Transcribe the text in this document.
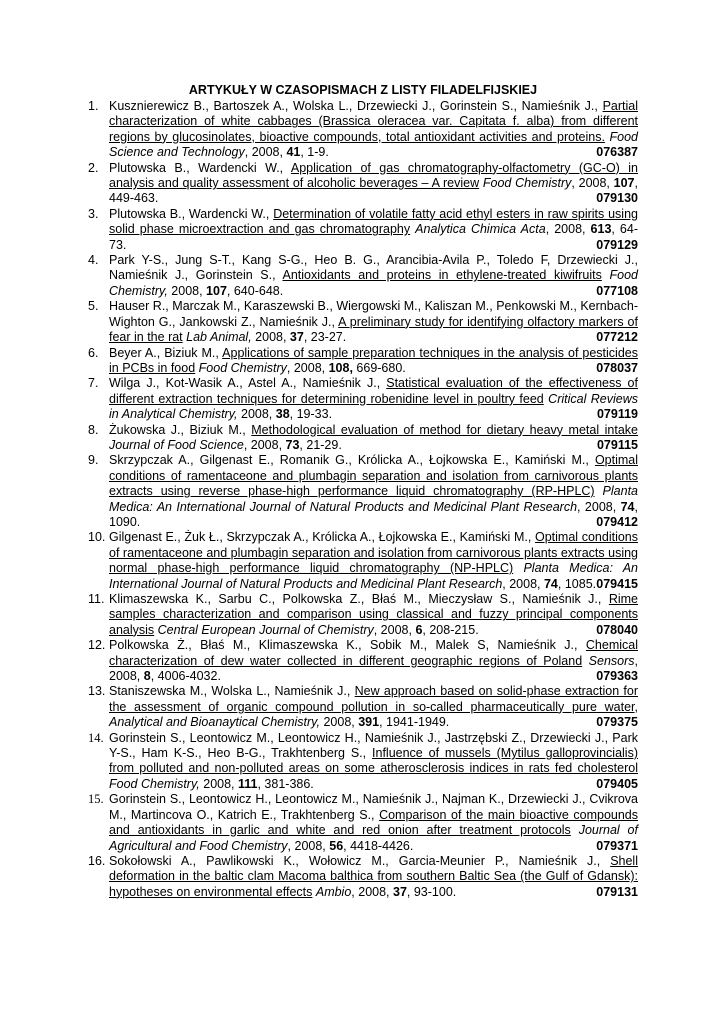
ARTYKUŁY W CZASOPISMACH Z LISTY FILADELFIJSKIEJ
1. Kusznierewicz B., Bartoszek A., Wolska L., Drzewiecki J., Gorinstein S., Namieśnik J., Partial characterization of white cabbages (Brassica oleracea var. Capitata f. alba) from different regions by glucosinolates, bioactive compounds, total antioxidant activities and proteins. Food Science and Technology, 2008, 41, 1-9.	076387
2. Plutowska B., Wardencki W., Application of gas chromatography-olfactometry (GC-O) in analysis and quality assessment of alcoholic beverages – A review Food Chemistry, 2008, 107, 449-463.	079130
3. Plutowska B., Wardencki W., Determination of volatile fatty acid ethyl esters in raw spirits using solid phase microextraction and gas chromatography Analytica Chimica Acta, 2008, 613, 64-73.	079129
4. Park Y-S., Jung S-T., Kang S-G., Heo B. G., Arancibia-Avila P., Toledo F, Drzewiecki J., Namieśnik J., Gorinstein S., Antioxidants and proteins in ethylene-treated kiwifruits Food Chemistry, 2008, 107, 640-648.	077108
5. Hauser R., Marczak M., Karaszewski B., Wiergowski M., Kaliszan M., Penkowski M., Kernbach-Wighton G., Jankowski Z., Namieśnik J., A preliminary study for identifying olfactory markers of fear in the rat Lab Animal, 2008, 37, 23-27.	077212
6. Beyer A., Biziuk M., Applications of sample preparation techniques in the analysis of pesticides in PCBs in food Food Chemistry, 2008, 108, 669-680.	078037
7. Wilga J., Kot-Wasik A., Astel A., Namieśnik J., Statistical evaluation of the effectiveness of different extraction techniques for determining robenidine level in poultry feed Critical Reviews in Analytical Chemistry, 2008, 38, 19-33.	079119
8. Żukowska J., Biziuk M., Methodological evaluation of method for dietary heavy metal intake Journal of Food Science, 2008, 73, 21-29.	079115
9. Skrzypczak A., Gilgenast E., Romanik G., Królicka A., Łojkowska E., Kamiński M., Optimal conditions of ramentaceone and plumbagin separation and isolation from carnivorous plants extracts using reverse phase-high performance liquid chromatography (RP-HPLC) Planta Medica: An International Journal of Natural Products and Medicinal Plant Research, 2008, 74, 1090.	079412
10. Gilgenast E., Żuk Ł., Skrzypczak A., Królicka A., Łojkowska E., Kamiński M., Optimal conditions of ramentaceone and plumbagin separation and isolation from carnivorous plants extracts using normal phase-high performance liquid chromatography (NP-HPLC) Planta Medica: An International Journal of Natural Products and Medicinal Plant Research, 2008, 74, 1085. 079415
11. Klimaszewska K., Sarbu C., Polkowska Z., Błaś M., Mieczysław S., Namieśnik J., Rime samples characterization and comparison using classical and fuzzy principal components analysis Central European Journal of Chemistry, 2008, 6, 208-215.	078040
12. Polkowska Ż., Błaś M., Klimaszewska K., Sobik M., Malek S, Namieśnik J., Chemical characterization of dew water collected in different geographic regions of Poland Sensors, 2008, 8, 4006-4032.	079363
13. Staniszewska M., Wolska L., Namieśnik J., New approach based on solid-phase extraction for the assessment of organic compound pollution in so-called pharmaceutically pure water, Analytical and Bioanaytical Chemistry, 2008, 391, 1941-1949.	079375
14. Gorinstein S., Leontowicz M., Leontowicz H., Namieśnik J., Jastrzębski Z., Drzewiecki J., Park Y-S., Ham K-S., Heo B-G., Trakhtenberg S., Influence of mussels (Mytilus galloprovincialis) from polluted and non-polluted areas on some atherosclerosis indices in rats fed cholesterol Food Chemistry, 2008, 111, 381-386.	079405
15. Gorinstein S., Leontowicz H., Leontowicz M., Namieśnik J., Najman K., Drzewiecki J., Cvikrova M., Martincova O., Katrich E., Trakhtenberg S., Comparison of the main bioactive compounds and antioxidants in garlic and white and red onion after treatment protocols Journal of Agricultural and Food Chemistry, 2008, 56, 4418-4426.	079371
16. Sokołowski A., Pawlikowski K., Wołowicz M., Garcia-Meunier P., Namieśnik J., Shell deformation in the baltic clam Macoma balthica from southern Baltic Sea (the Gulf of Gdansk): hypotheses on environmental effects Ambio, 2008, 37, 93-100.	079131
